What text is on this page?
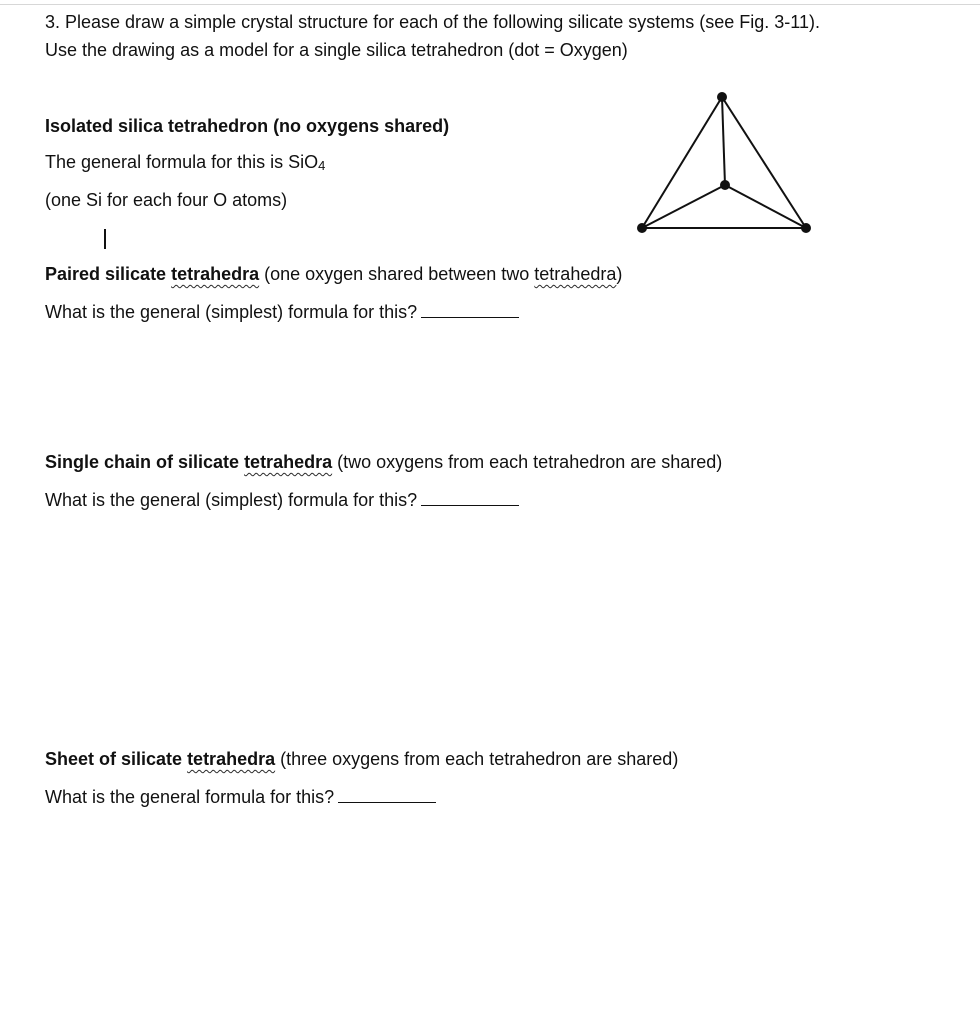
3. Please draw a simple crystal structure for each of the following silicate systems (see Fig. 3-11).
Use the drawing as a model for a single silica tetrahedron (dot = Oxygen)
Isolated silica tetrahedron (no oxygens shared)
The general formula for this is SiO4
(one Si for each four O atoms)
Paired silicate tetrahedra (one oxygen shared between two tetrahedra)
What is the general (simplest) formula for this?
Single chain of silicate tetrahedra (two oxygens from each tetrahedron are shared)
What is the general (simplest) formula for this?
Sheet of silicate tetrahedra (three oxygens from each tetrahedron are shared)
What is the general formula for this?
